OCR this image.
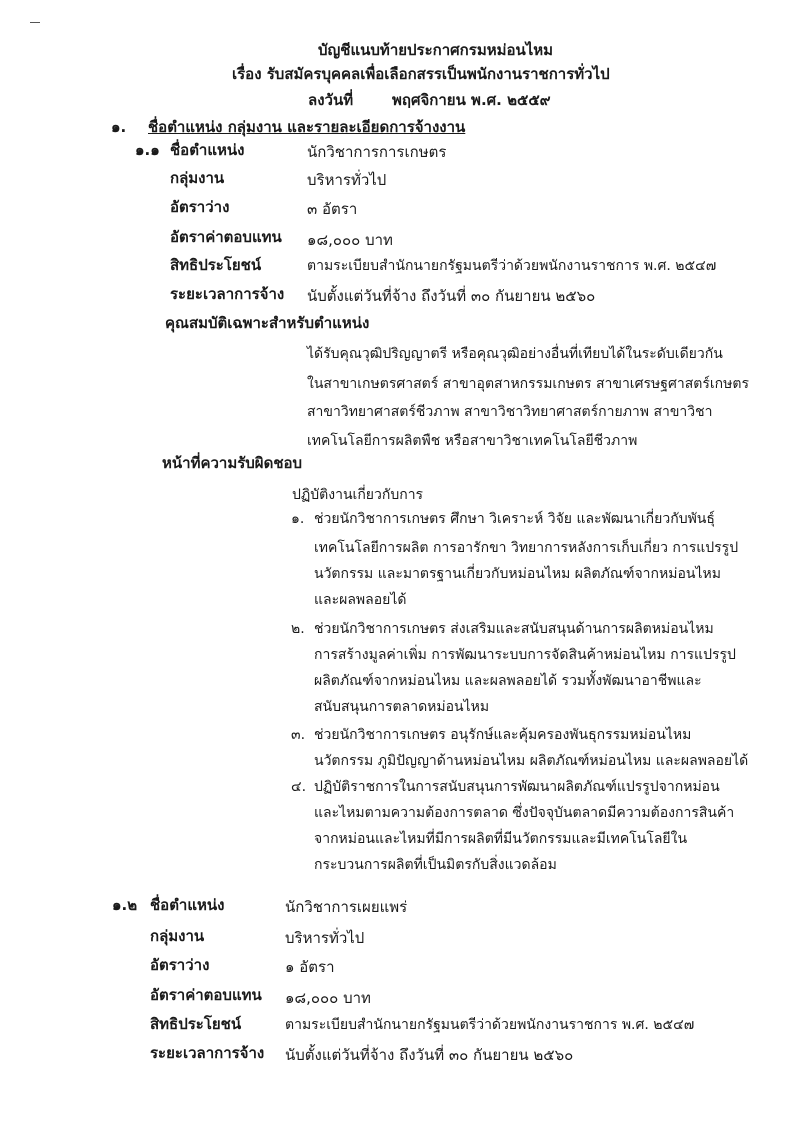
บัญชีแนบท้ายประกาศกรมหม่อนไหม
เรื่อง รับสมัครบุคคลเพื่อเลือกสรรเป็นพนักงานราชการทั่วไป
ลงวันที่	พฤศจิกายน พ.ศ. ๒๕๕๙
๑. ชื่อตำแหน่ง กลุ่มงาน และรายละเอียดการจ้างงาน
๑.๑ ชื่อตำแหน่ง	นักวิชาการการเกษตร
กลุ่มงาน	บริหารทั่วไป
อัตราว่าง	๓ อัตรา
อัตราค่าตอบแทน ๑๘,๐๐๐ บาท
สิทธิประโยชน์	ตามระเบียบสำนักนายกรัฐมนตรีว่าด้วยพนักงานราชการ พ.ศ. ๒๕๔๗
ระยะเวลาการจ้าง นับตั้งแต่วันที่จ้าง ถึงวันที่ ๓๐ กันยายน ๒๕๖๐
คุณสมบัติเฉพาะสำหรับตำแหน่ง
ได้รับคุณวุฒิปริญญาตรี หรือคุณวุฒิอย่างอื่นที่เทียบได้ในระดับเดียวกัน
ในสาขาเกษตรศาสตร์ สาขาอุตสาหกรรมเกษตร สาขาเศรษฐศาสตร์เกษตร
สาขาวิทยาศาสตร์ชีวภาพ สาขาวิชาวิทยาศาสตร์กายภาพ สาขาวิชา
เทคโนโลยีการผลิตพืช หรือสาขาวิชาเทคโนโลยีชีวภาพ
หน้าที่ความรับผิดชอบ
ปฏิบัติงานเกี่ยวกับการ
๑. ช่วยนักวิชาการเกษตร ศึกษา วิเคราะห์ วิจัย และพัฒนาเกี่ยวกับพันธุ์
เทคโนโลยีการผลิต การอารักขา วิทยาการหลังการเก็บเกี่ยว การแปรรูป
นวัตกรรม และมาตรฐานเกี่ยวกับหม่อนไหม ผลิตภัณฑ์จากหม่อนไหม
และผลพลอยได้
๒. ช่วยนักวิชาการเกษตร ส่งเสริมและสนับสนุนด้านการผลิตหม่อนไหม
การสร้างมูลค่าเพิ่ม การพัฒนาระบบการจัดสินค้าหม่อนไหม การแปรรูป
ผลิตภัณฑ์จากหม่อนไหม และผลพลอยได้ รวมทั้งพัฒนาอาชีพและ
สนับสนุนการตลาดหม่อนไหม
๓. ช่วยนักวิชาการเกษตร อนุรักษ์และคุ้มครองพันธุกรรมหม่อนไหม
นวัตกรรม ภูมิปัญญาด้านหม่อนไหม ผลิตภัณฑ์หม่อนไหม และผลพลอยได้
๔. ปฏิบัติราชการในการสนับสนุนการพัฒนาผลิตภัณฑ์แปรรูปจากหม่อน
และไหมตามความต้องการตลาด ซึ่งปัจจุบันตลาดมีความต้องการสินค้า
จากหม่อนและไหมที่มีการผลิตที่มีนวัตกรรมและมีเทคโนโลยีใน
กระบวนการผลิตที่เป็นมิตรกับสิ่งแวดล้อม
๑.๒ ชื่อตำแหน่ง	นักวิชาการเผยแพร่
กลุ่มงาน	บริหารทั่วไป
อัตราว่าง	๑ อัตรา
อัตราค่าตอบแทน ๑๘,๐๐๐ บาท
สิทธิประโยชน์	ตามระเบียบสำนักนายกรัฐมนตรีว่าด้วยพนักงานราชการ พ.ศ. ๒๕๔๗
ระยะเวลาการจ้าง นับตั้งแต่วันที่จ้าง ถึงวันที่ ๓๐ กันยายน ๒๕๖๐
